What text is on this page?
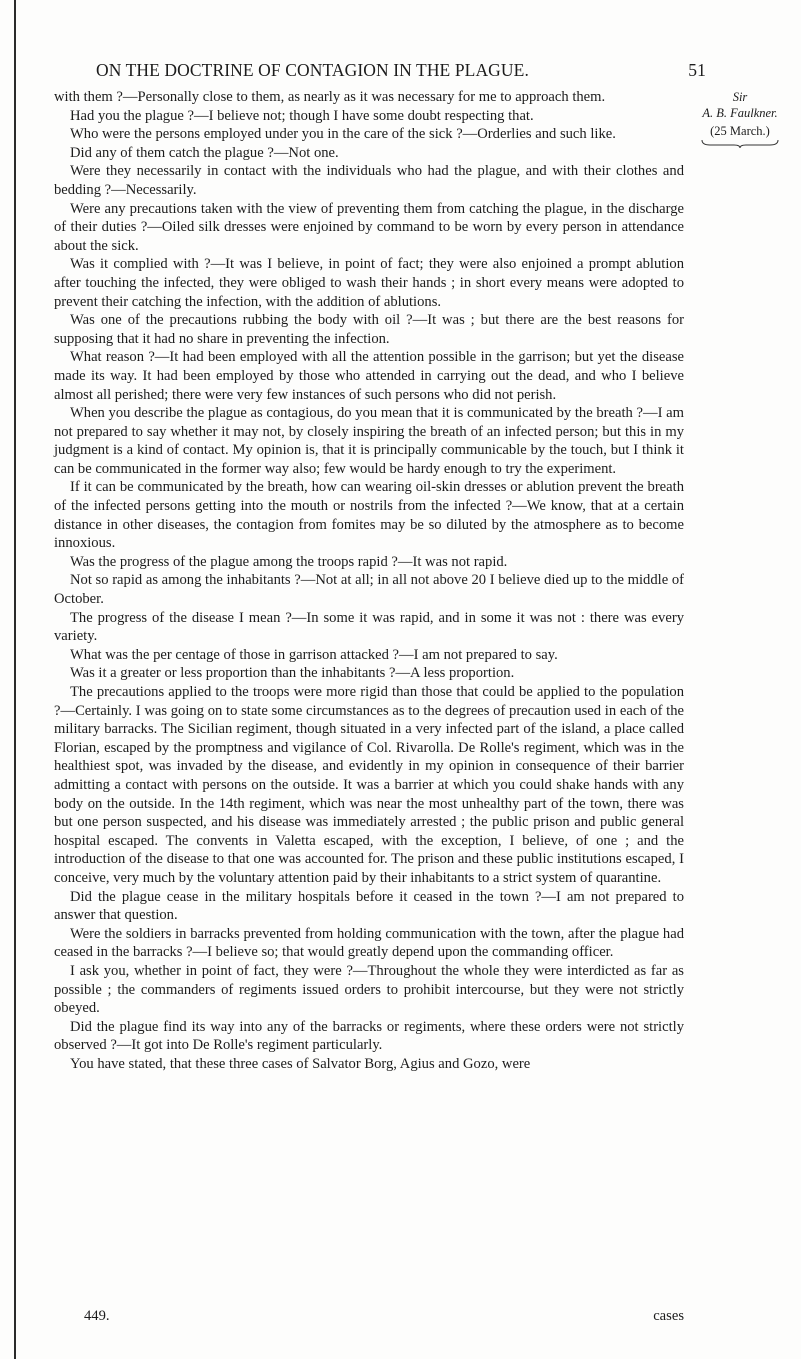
ON THE DOCTRINE OF CONTAGION IN THE PLAGUE.	51
Sir
A. B. Faulkner.
(25 March.)

with them ?—Personally close to them, as nearly as it was necessary for me to approach them.

Had you the plague ?—I believe not; though I have some doubt respecting that.

Who were the persons employed under you in the care of the sick ?—Orderlies and such like.

Did any of them catch the plague ?—Not one.

Were they necessarily in contact with the individuals who had the plague, and with their clothes and bedding ?—Necessarily.

Were any precautions taken with the view of preventing them from catching the plague, in the discharge of their duties ?—Oiled silk dresses were enjoined by command to be worn by every person in attendance about the sick.

Was it complied with ?—It was I believe, in point of fact; they were also enjoined a prompt ablution after touching the infected, they were obliged to wash their hands ; in short every means were adopted to prevent their catching the infection, with the addition of ablutions.

Was one of the precautions rubbing the body with oil ?—It was ; but there are the best reasons for supposing that it had no share in preventing the infection.

What reason ?—It had been employed with all the attention possible in the garrison; but yet the disease made its way. It had been employed by those who attended in carrying out the dead, and who I believe almost all perished; there were very few instances of such persons who did not perish.

When you describe the plague as contagious, do you mean that it is communicated by the breath ?—I am not prepared to say whether it may not, by closely inspiring the breath of an infected person; but this in my judgment is a kind of contact. My opinion is, that it is principally communicable by the touch, but I think it can be communicated in the former way also; few would be hardy enough to try the experiment.

If it can be communicated by the breath, how can wearing oil-skin dresses or ablution prevent the breath of the infected persons getting into the mouth or nostrils from the infected ?—We know, that at a certain distance in other diseases, the contagion from fomites may be so diluted by the atmosphere as to become innoxious.

Was the progress of the plague among the troops rapid ?—It was not rapid.

Not so rapid as among the inhabitants ?—Not at all; in all not above 20 I believe died up to the middle of October.

The progress of the disease I mean ?—In some it was rapid, and in some it was not : there was every variety.

What was the per centage of those in garrison attacked ?—I am not prepared to say.

Was it a greater or less proportion than the inhabitants ?—A less proportion.

The precautions applied to the troops were more rigid than those that could be applied to the population ?—Certainly. I was going on to state some circumstances as to the degrees of precaution used in each of the military barracks. The Sicilian regiment, though situated in a very infected part of the island, a place called Florian, escaped by the promptness and vigilance of Col. Rivarolla. De Rolle's regiment, which was in the healthiest spot, was invaded by the disease, and evidently in my opinion in consequence of their barrier admitting a contact with persons on the outside. It was a barrier at which you could shake hands with any body on the outside. In the 14th regiment, which was near the most unhealthy part of the town, there was but one person suspected, and his disease was immediately arrested ; the public prison and public general hospital escaped. The convents in Valetta escaped, with the exception, I believe, of one ; and the introduction of the disease to that one was accounted for. The prison and these public institutions escaped, I conceive, very much by the voluntary attention paid by their inhabitants to a strict system of quarantine.

Did the plague cease in the military hospitals before it ceased in the town ?—I am not prepared to answer that question.

Were the soldiers in barracks prevented from holding communication with the town, after the plague had ceased in the barracks ?—I believe so; that would greatly depend upon the commanding officer.

I ask you, whether in point of fact, they were ?—Throughout the whole they were interdicted as far as possible ; the commanders of regiments issued orders to prohibit intercourse, but they were not strictly obeyed.

Did the plague find its way into any of the barracks or regiments, where these orders were not strictly observed ?—It got into De Rolle's regiment particularly.

You have stated, that these three cases of Salvator Borg, Agius and Gozo, were

449.	cases
